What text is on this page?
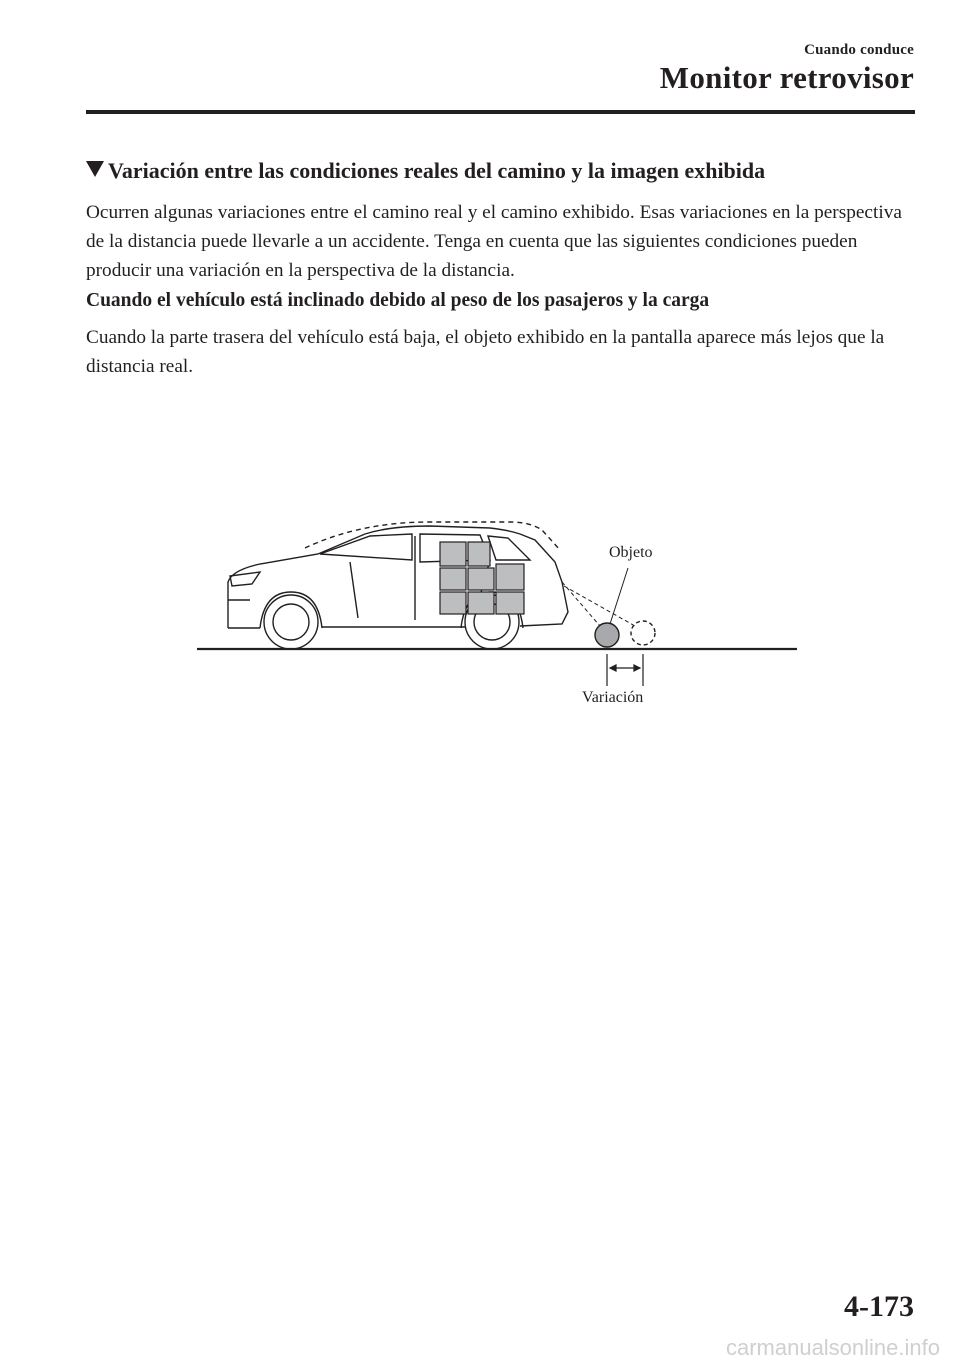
Cuando conduce
Monitor retrovisor
Variación entre las condiciones reales del camino y la imagen exhibida
Ocurren algunas variaciones entre el camino real y el camino exhibido. Esas variaciones en la perspectiva de la distancia puede llevarle a un accidente. Tenga en cuenta que las siguientes condiciones pueden producir una variación en la perspectiva de la distancia.
Cuando el vehículo está inclinado debido al peso de los pasajeros y la carga
Cuando la parte trasera del vehículo está baja, el objeto exhibido en la pantalla aparece más lejos que la distancia real.
Objeto
Variación
4-173
carmanualsonline.info
